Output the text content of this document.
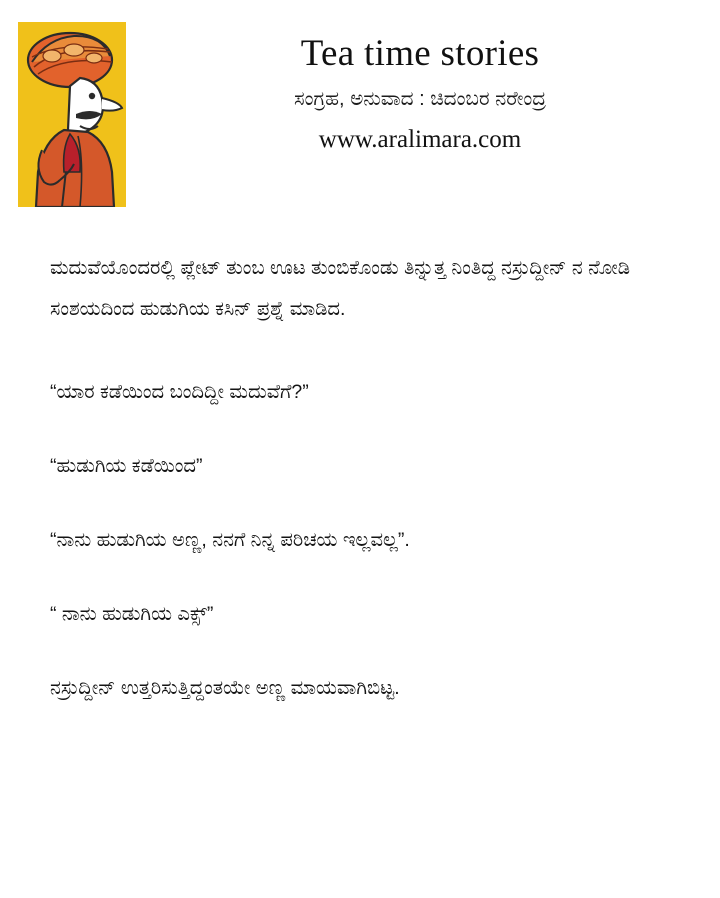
Tea time stories
ಸಂಗ್ರಹ, ಅನುವಾದ : ಚಿದಂಬರ ನರೇಂದ್ರ
www.aralimara.com

ಮದುವೆಯೊಂದರಲ್ಲಿ ಪ್ಲೇಟ್ ತುಂಬ ಊಟ ತುಂಬಿಕೊಂಡು ತಿನ್ನುತ್ತ ನಿಂತಿದ್ದ ನಸ್ರುದ್ದೀನ್ ನ ನೋಡಿ ಸಂಶಯದಿಂದ ಹುಡುಗಿಯ ಕಸಿನ್ ಪ್ರಶ್ನೆ ಮಾಡಿದ.

“ಯಾರ ಕಡೆಯಿಂದ ಬಂದಿದ್ದೀ ಮದುವೆಗೆ?”

“ಹುಡುಗಿಯ ಕಡೆಯಿಂದ”

“ನಾನು ಹುಡುಗಿಯ ಅಣ್ಣ, ನನಗೆ ನಿನ್ನ ಪರಿಚಯ ಇಲ್ಲವಲ್ಲ”.

“ ನಾನು ಹುಡುಗಿಯ ಎಕ್ಸ್”

ನಸ್ರುದ್ದೀನ್ ಉತ್ತರಿಸುತ್ತಿದ್ದಂತಯೇ ಅಣ್ಣ ಮಾಯವಾಗಿಬಿಟ್ಟ.
